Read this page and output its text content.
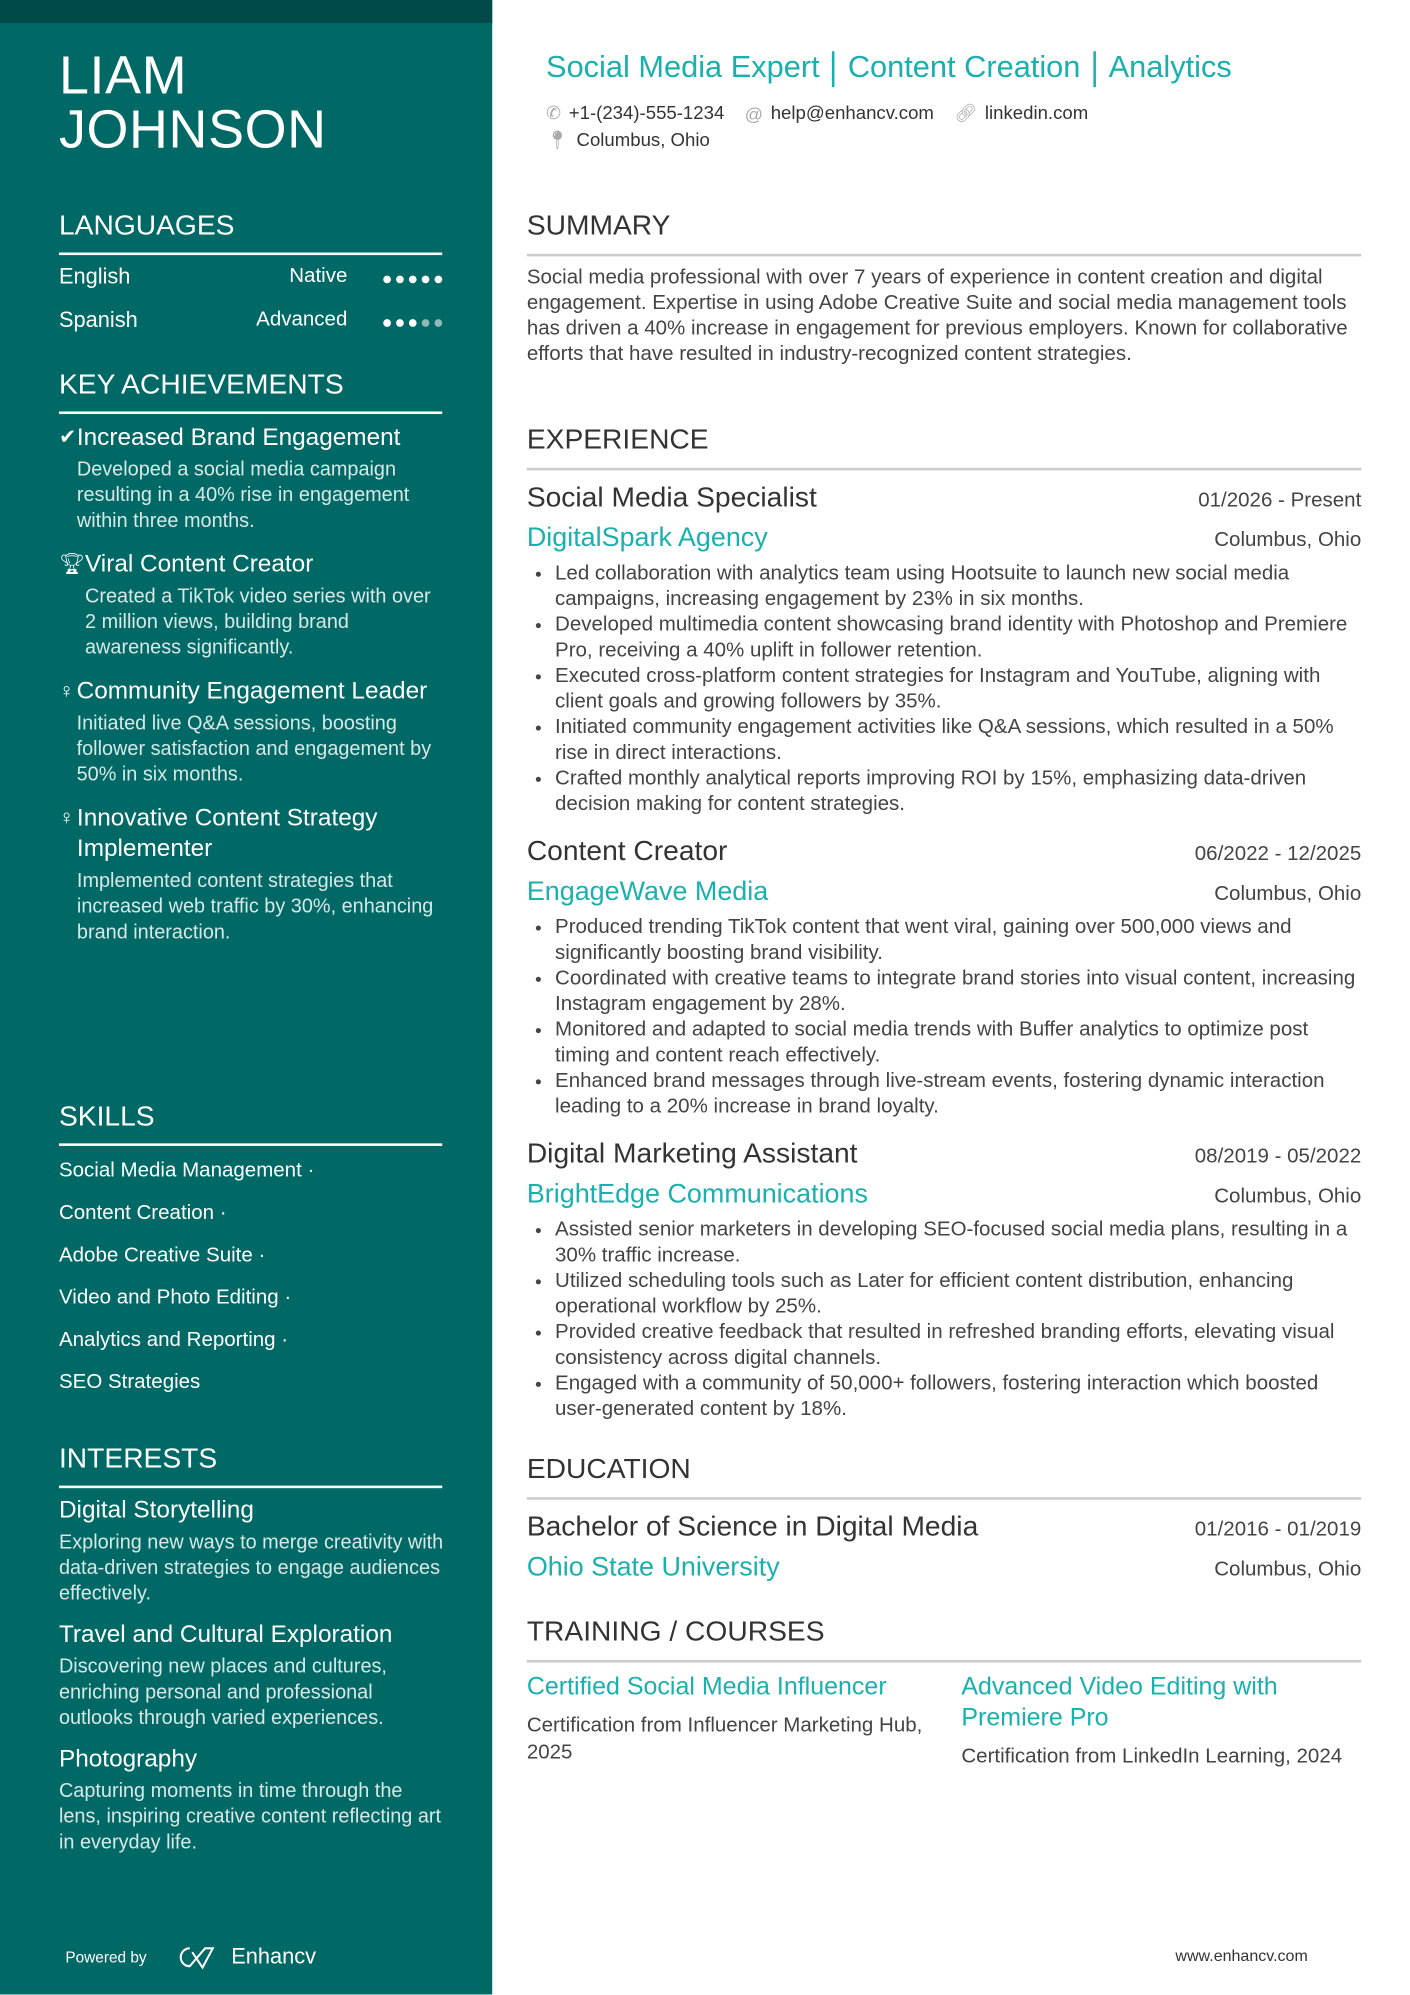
LIAM JOHNSON
LANGUAGES
English	Native
Spanish	Advanced
KEY ACHIEVEMENTS
✔ Increased Brand Engagement
Developed a social media campaign resulting in a 40% rise in engagement within three months.
🏆︎ Viral Content Creator
Created a TikTok video series with over 2 million views, building brand awareness significantly.
♀ Community Engagement Leader
Initiated live Q&A sessions, boosting follower satisfaction and engagement by 50% in six months.
♀ Innovative Content Strategy Implementer
Implemented content strategies that increased web traffic by 30%, enhancing brand interaction.
SKILLS
Social Media Management ·
Content Creation ·
Adobe Creative Suite ·
Video and Photo Editing ·
Analytics and Reporting ·
SEO Strategies
INTERESTS
Digital Storytelling
Exploring new ways to merge creativity with data-driven strategies to engage audiences effectively.
Travel and Cultural Exploration
Discovering new places and cultures, enriching personal and professional outlooks through varied experiences.
Photography
Capturing moments in time through the lens, inspiring creative content reflecting art in everyday life.
Powered by	Enhancv
Social Media Expert Content Creation Analytics
✆ +1-(234)-555-1234 @ help@enhancv.com 🔗︎ linkedin.com
📍︎ Columbus, Ohio
SUMMARY
Social media professional with over 7 years of experience in content creation and digital engagement. Expertise in using Adobe Creative Suite and social media management tools has driven a 40% increase in engagement for previous employers. Known for collaborative efforts that have resulted in industry-recognized content strategies.
EXPERIENCE
Social Media Specialist	01/2026 - Present
DigitalSpark Agency	Columbus, Ohio
• Led collaboration with analytics team using Hootsuite to launch new social media campaigns, increasing engagement by 23% in six months.
• Developed multimedia content showcasing brand identity with Photoshop and Premiere Pro, receiving a 40% uplift in follower retention.
• Executed cross-platform content strategies for Instagram and YouTube, aligning with client goals and growing followers by 35%.
• Initiated community engagement activities like Q&A sessions, which resulted in a 50% rise in direct interactions.
• Crafted monthly analytical reports improving ROI by 15%, emphasizing data-driven decision making for content strategies.
Content Creator	06/2022 - 12/2025
EngageWave Media	Columbus, Ohio
• Produced trending TikTok content that went viral, gaining over 500,000 views and significantly boosting brand visibility.
• Coordinated with creative teams to integrate brand stories into visual content, increasing Instagram engagement by 28%.
• Monitored and adapted to social media trends with Buffer analytics to optimize post timing and content reach effectively.
• Enhanced brand messages through live-stream events, fostering dynamic interaction leading to a 20% increase in brand loyalty.
Digital Marketing Assistant	08/2019 - 05/2022
BrightEdge Communications	Columbus, Ohio
• Assisted senior marketers in developing SEO-focused social media plans, resulting in a 30% traffic increase.
• Utilized scheduling tools such as Later for efficient content distribution, enhancing operational workflow by 25%.
• Provided creative feedback that resulted in refreshed branding efforts, elevating visual consistency across digital channels.
• Engaged with a community of 50,000+ followers, fostering interaction which boosted user-generated content by 18%.
EDUCATION
Bachelor of Science in Digital Media	01/2016 - 01/2019
Ohio State University	Columbus, Ohio
TRAINING / COURSES
Certified Social Media Influencer
Certification from Influencer Marketing Hub, 2025
Advanced Video Editing with Premiere Pro
Certification from LinkedIn Learning, 2024
www.enhancv.com
